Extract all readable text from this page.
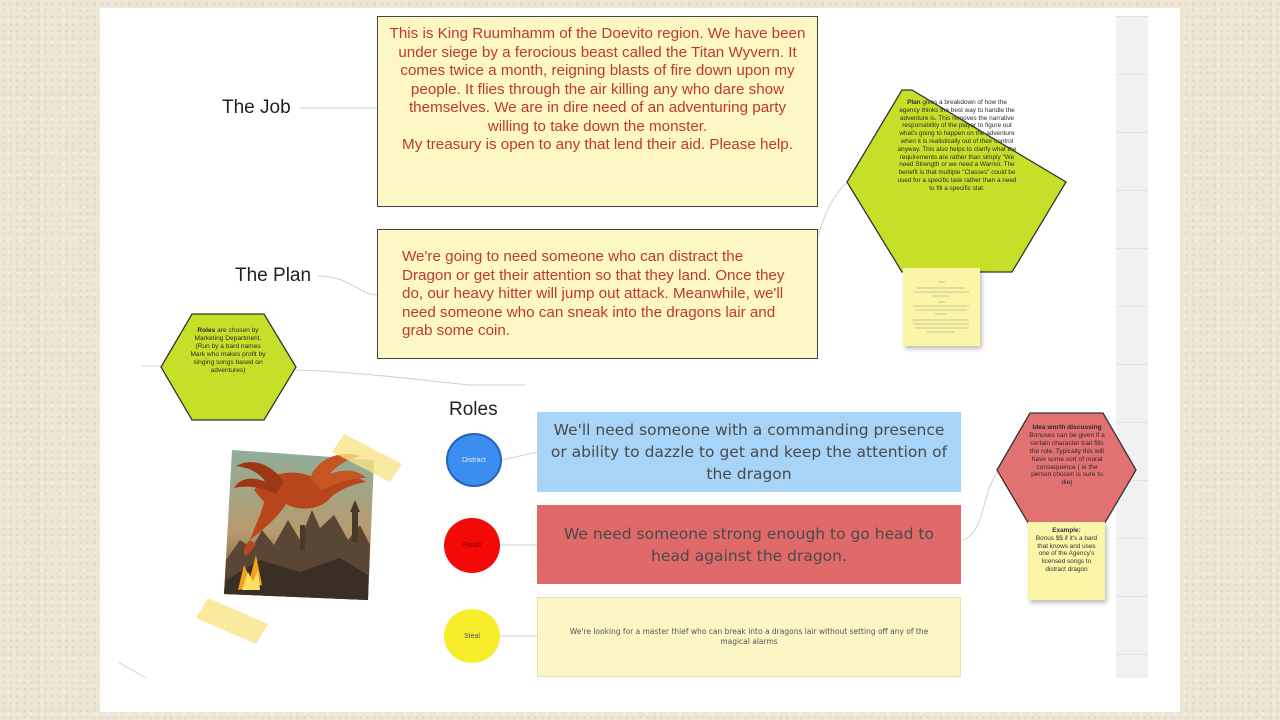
The Job
This is King Ruumhamm of the Doevito region. We have been under siege by a ferocious beast called the Titan Wyvern. It comes twice a month, reigning blasts of fire down upon my people. It flies through the air killing any who dare show themselves. We are in dire need of an adventuring party willing to take down the monster.
My treasury is open to any that lend their aid. Please help.
The Plan
We're going to need someone who can distract the Dragon or get their attention so that they land. Once they do, our heavy hitter will jump out attack. Meanwhile, we'll need someone who can sneak into the dragons lair and grab some coin.
Roles
Distract
We'll need someone with a commanding presence or ability to dazzle to get and keep the attention of the dragon
Punch
We need someone strong enough to go head to head against the dragon.
Steal	We're looking for a master thief who can break into a dragons lair without setting off any of the magical alarms
Plan gives a breakdown of how the agency thinks the best way to handle the adventure is. This removes the narrative responsibility of the player to figure out what's going to happen on the adventure when it is realistically out of their control anyway. This also helps to clarify what the requirements are rather than simply "We need Strength or we need a Warrior. The benefit is that multiple "Classes" could be used for a specific task rather than a need to fill a specific stat.
Roles are chosen by Marketing Department. (Run by a bard names Mark who makes profit by singing songs based on adventures)
Idea worth discussing
Bonuses can be given if a certain character trait fills the role. Typically this will have some sort of moral consequence ( ie the person chosen is sure to die)
Example:
Bonus $$ if it's a bard that knows and uses one of the Agency's licensed songs to distract dragon
